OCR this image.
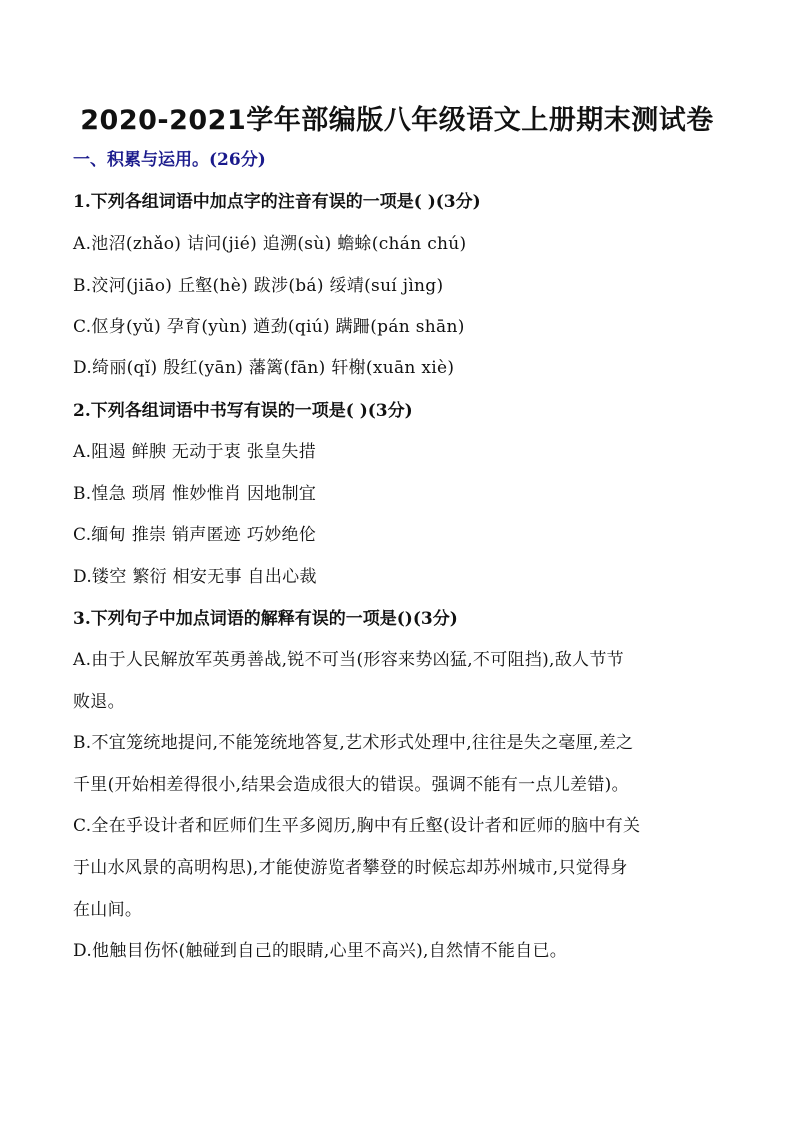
2020-2021学年部编版八年级语文上册期末测试卷
一、积累与运用。(26分)
1.下列各组词语中加点字的注音有误的一项是( )(3分)
A.池沼(zhǎo) 诘问(jié) 追溯(sù) 蟾蜍(chán chú)
B.洨河(jiāo) 丘壑(hè) 跋涉(bá) 绥靖(suí jìng)
C.伛身(yǔ) 孕育(yùn) 遒劲(qiú) 蹒跚(pán shān)
D.绮丽(qǐ) 殷红(yān) 藩篱(fān) 轩榭(xuān xiè)
2.下列各组词语中书写有误的一项是( )(3分)
A.阻遏 鲜腴 无动于衷 张皇失措
B.惶急 琐屑 惟妙惟肖 因地制宜
C.缅甸 推崇 销声匿迹 巧妙绝伦
D.镂空 繁衍 相安无事 自出心裁
3.下列句子中加点词语的解释有误的一项是()(3分)
A.由于人民解放军英勇善战,锐不可当(形容来势凶猛,不可阻挡),敌人节节
败退。
B.不宜笼统地提问,不能笼统地答复,艺术形式处理中,往往是失之毫厘,差之
千里(开始相差得很小,结果会造成很大的错误。强调不能有一点儿差错)。
C.全在乎设计者和匠师们生平多阅历,胸中有丘壑(设计者和匠师的脑中有关
于山水风景的高明构思),才能使游览者攀登的时候忘却苏州城市,只觉得身
在山间。
D.他触目伤怀(触碰到自己的眼睛,心里不高兴),自然情不能自已。
